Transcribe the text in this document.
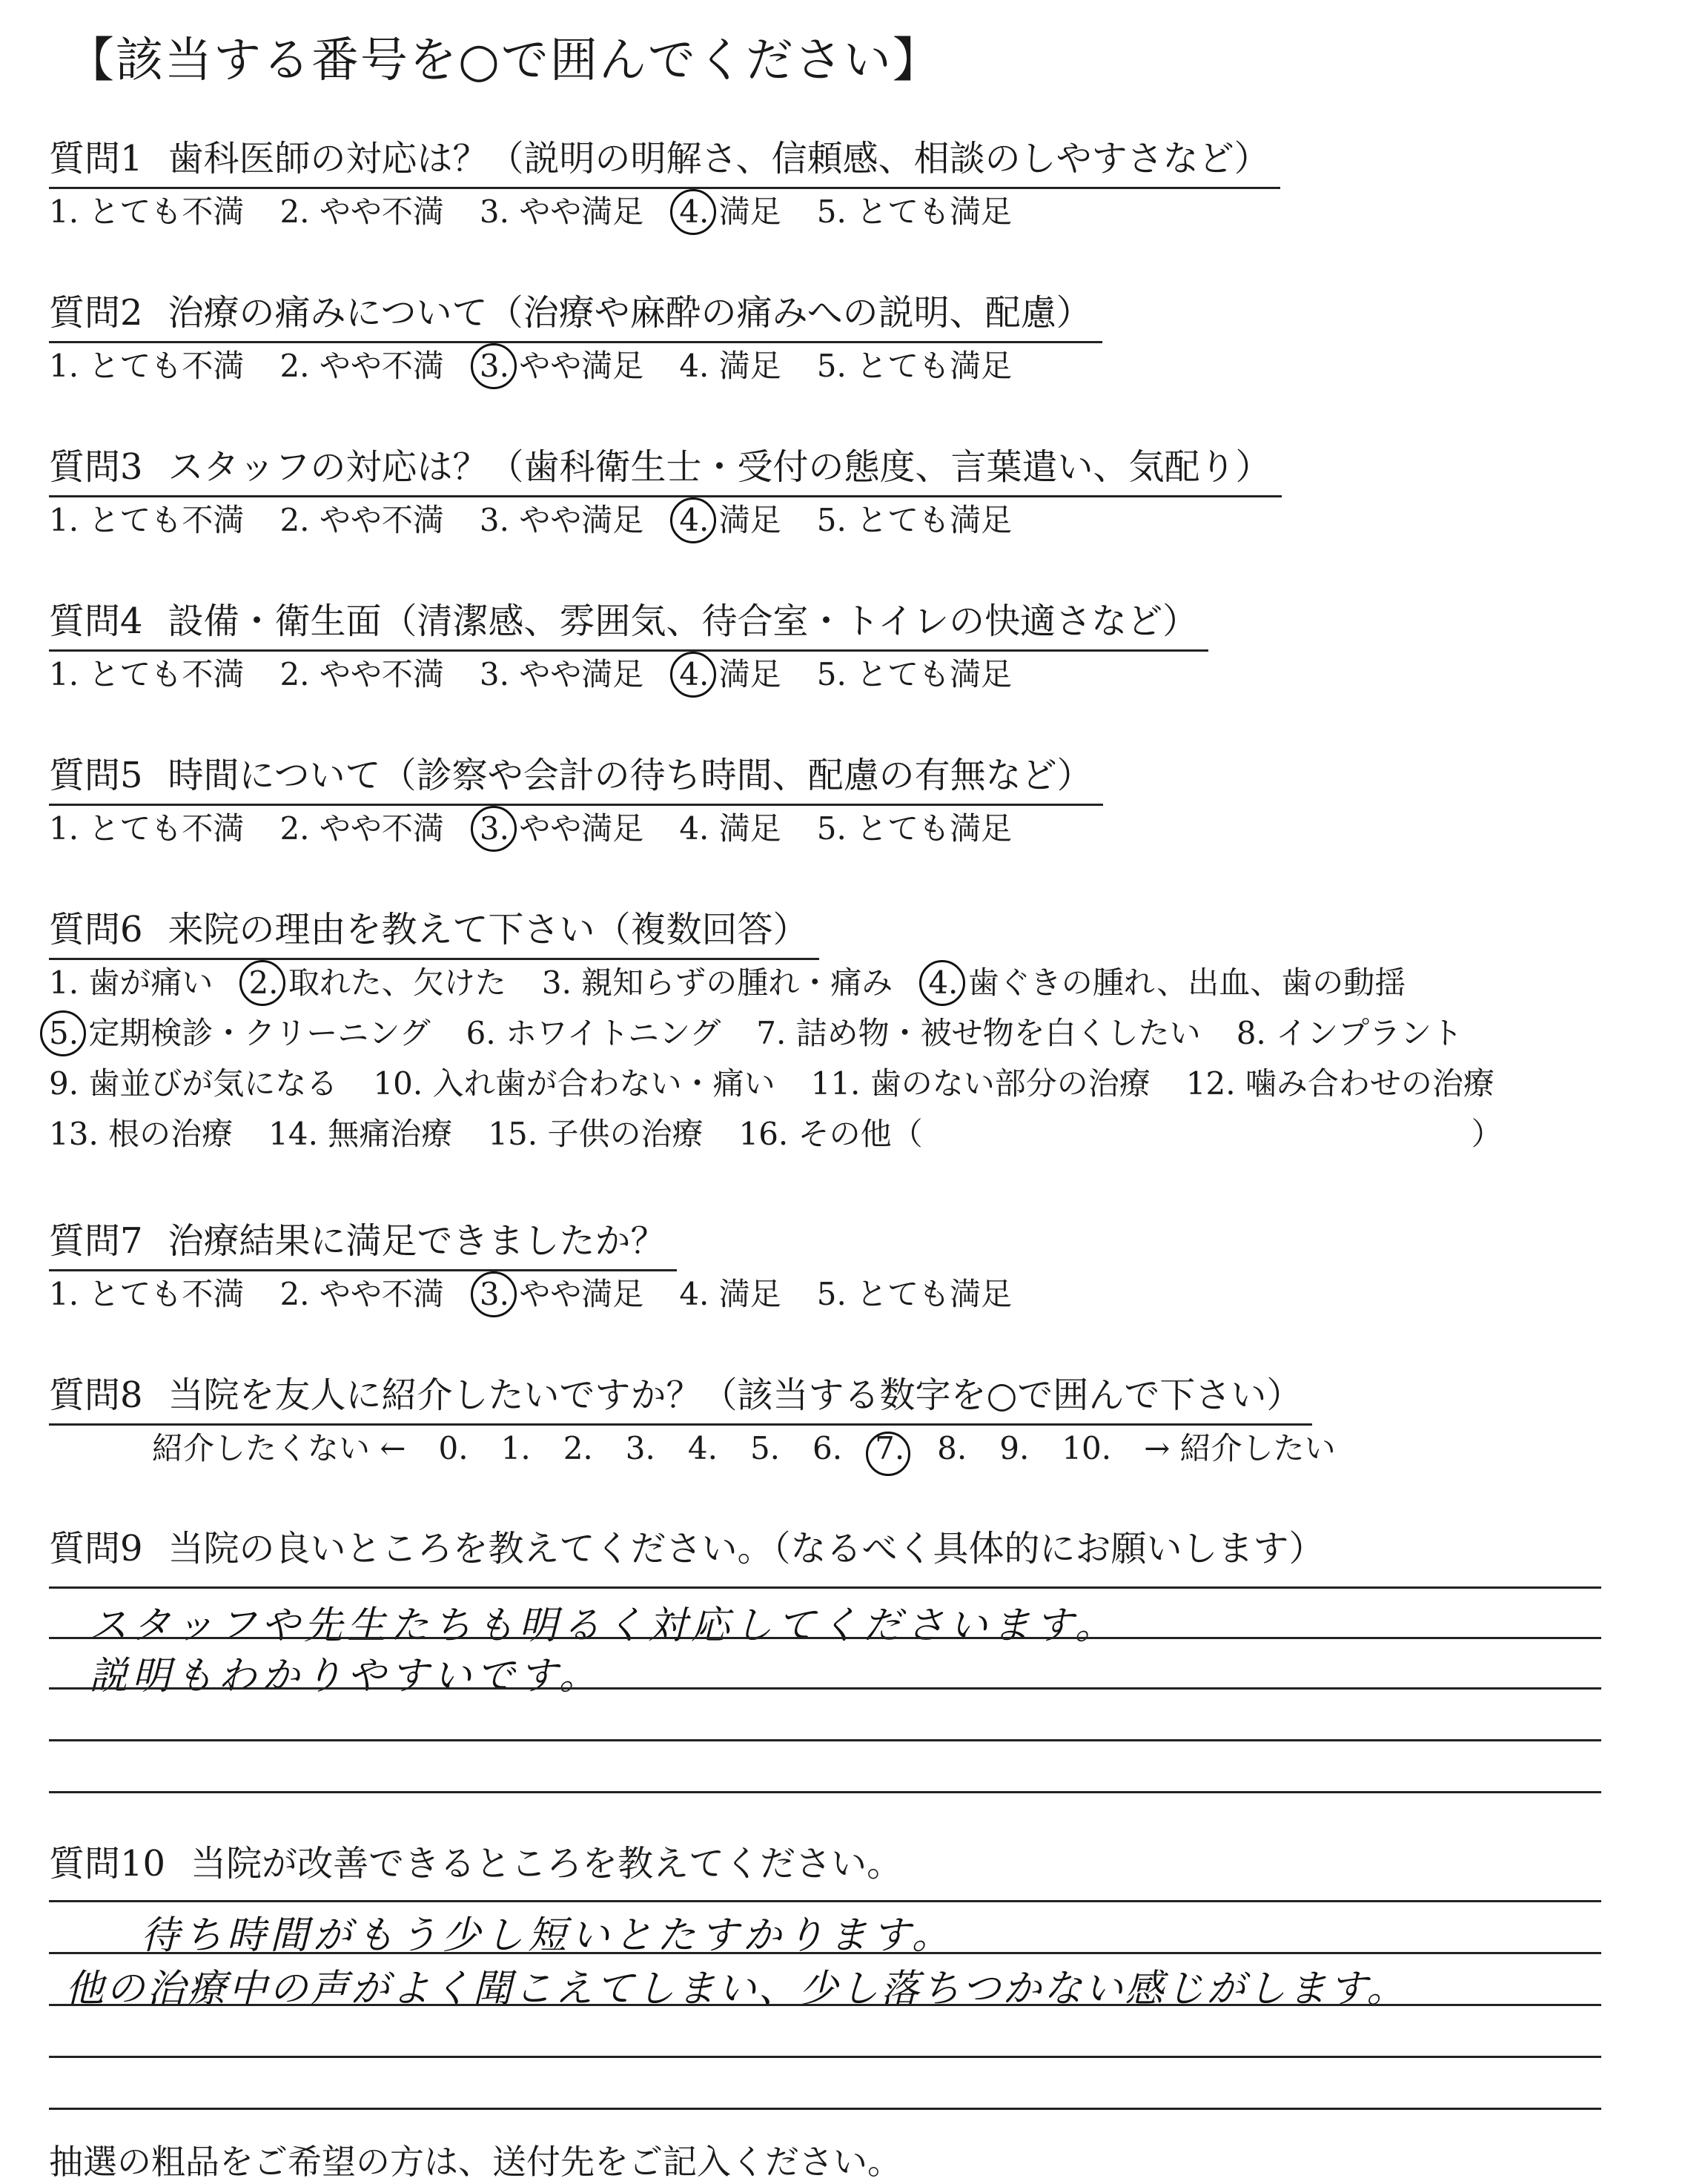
【該当する番号を○で囲んでください】
質問1 歯科医師の対応は？（説明の明解さ、信頼感、相談のしやすさなど）
1. とても不満 2. やや不満 3. やや満足 4. 満足 5. とても満足
質問2 治療の痛みについて（治療や麻酔の痛みへの説明、配慮）
1. とても不満 2. やや不満 3. やや満足 4. 満足 5. とても満足
質問3 スタッフの対応は？（歯科衛生士・受付の態度、言葉遣い、気配り）
1. とても不満 2. やや不満 3. やや満足 4. 満足 5. とても満足
質問4 設備・衛生面（清潔感、雰囲気、待合室・トイレの快適さなど）
1. とても不満 2. やや不満 3. やや満足 4. 満足 5. とても満足
質問5 時間について（診察や会計の待ち時間、配慮の有無など）
1. とても不満 2. やや不満 3. やや満足 4. 満足 5. とても満足
質問6 来院の理由を教えて下さい（複数回答）
1. 歯が痛い 2. 取れた、欠けた 3. 親知らずの腫れ・痛み 4. 歯ぐきの腫れ、出血、歯の動揺
5. 定期検診・クリーニング 6. ホワイトニング 7. 詰め物・被せ物を白くしたい 8. インプラント
9. 歯並びが気になる 10. 入れ歯が合わない・痛い 11. 歯のない部分の治療 12. 噛み合わせの治療
13. 根の治療 14. 無痛治療 15. 子供の治療 16. その他（	）
質問7 治療結果に満足できましたか？
1. とても不満 2. やや不満 3. やや満足 4. 満足 5. とても満足
質問8 当院を友人に紹介したいですか？（該当する数字を○で囲んで下さい）
紹介したくない ← 0. 1. 2. 3. 4. 5. 6. 7. 8. 9. 10. → 紹介したい
質問9 当院の良いところを教えてください。（なるべく具体的にお願いします）
スタッフや先生たちも明るく対応してくださいます。
説明もわかりやすいです。
質問10 当院が改善できるところを教えてください。
待ち時間がもう少し短いとたすかります。
他の治療中の声がよく聞こえてしまい、少し落ちつかない感じがします。
抽選の粗品をご希望の方は、送付先をご記入ください。
